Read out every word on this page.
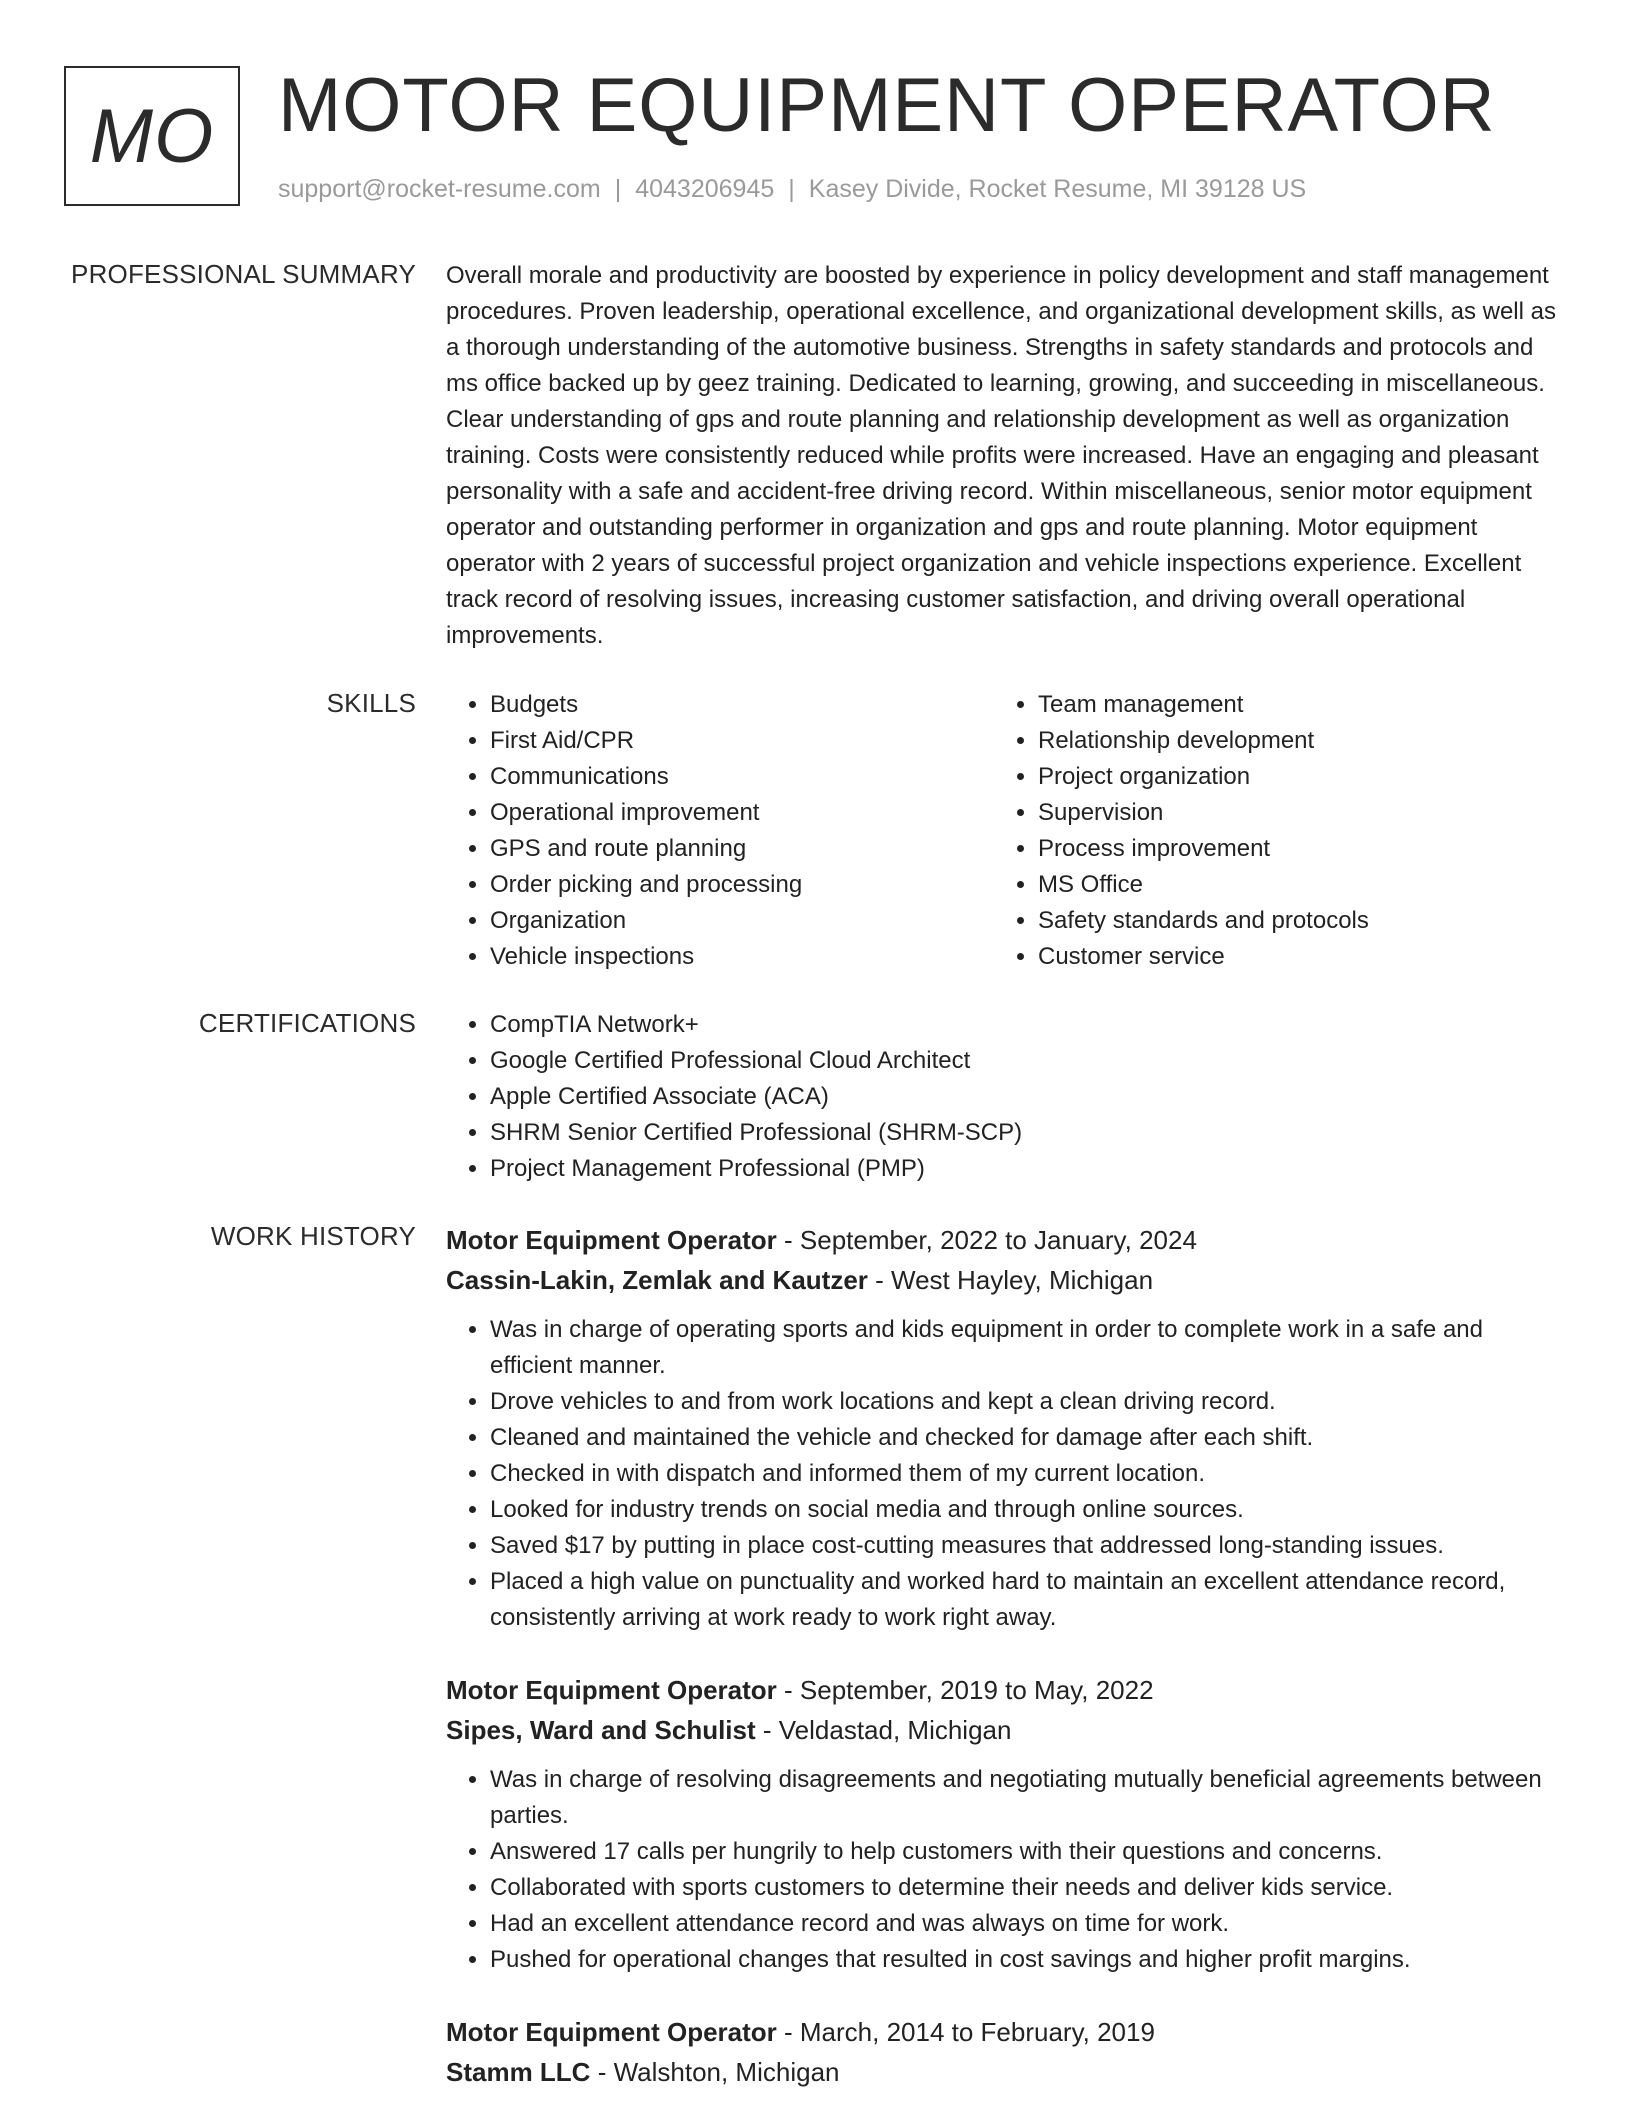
MO MOTOR EQUIPMENT OPERATOR
support@rocket-resume.com | 4043206945 | Kasey Divide, Rocket Resume, MI 39128 US
PROFESSIONAL SUMMARY Overall morale and productivity are boosted by experience in policy development and staff management procedures. Proven leadership, operational excellence, and organizational development skills, as well as a thorough understanding of the automotive business. Strengths in safety standards and protocols and ms office backed up by geez training. Dedicated to learning, growing, and succeeding in miscellaneous. Clear understanding of gps and route planning and relationship development as well as organization training. Costs were consistently reduced while profits were increased. Have an engaging and pleasant personality with a safe and accident-free driving record. Within miscellaneous, senior motor equipment operator and outstanding performer in organization and gps and route planning. Motor equipment operator with 2 years of successful project organization and vehicle inspections experience. Excellent track record of resolving issues, increasing customer satisfaction, and driving overall operational improvements.

SKILLS	• Budgets
• First Aid/CPR
• Communications
• Operational improvement
• GPS and route planning
• Order picking and processing
• Organization
• Vehicle inspections
• Team management
• Relationship development
• Project organization
• Supervision
• Process improvement
• MS Office
• Safety standards and protocols
• Customer service
CERTIFICATIONS	• CompTIA Network+
• Google Certified Professional Cloud Architect
• Apple Certified Associate (ACA)
• SHRM Senior Certified Professional (SHRM-SCP)
• Project Management Professional (PMP)
WORK HISTORY Motor Equipment Operator - September, 2022 to January, 2024
Cassin-Lakin, Zemlak and Kautzer - West Hayley, Michigan
• Was in charge of operating sports and kids equipment in order to complete work in a safe and efficient manner.
• Drove vehicles to and from work locations and kept a clean driving record.
• Cleaned and maintained the vehicle and checked for damage after each shift.
• Checked in with dispatch and informed them of my current location.
• Looked for industry trends on social media and through online sources.
• Saved $17 by putting in place cost-cutting measures that addressed long-standing issues.
• Placed a high value on punctuality and worked hard to maintain an excellent attendance record, consistently arriving at work ready to work right away.
Motor Equipment Operator - September, 2019 to May, 2022
Sipes, Ward and Schulist - Veldastad, Michigan
• Was in charge of resolving disagreements and negotiating mutually beneficial agreements between parties.
• Answered 17 calls per hungrily to help customers with their questions and concerns.
• Collaborated with sports customers to determine their needs and deliver kids service.
• Had an excellent attendance record and was always on time for work.
• Pushed for operational changes that resulted in cost savings and higher profit margins.
Motor Equipment Operator - March, 2014 to February, 2019
Stamm LLC - Walshton, Michigan
